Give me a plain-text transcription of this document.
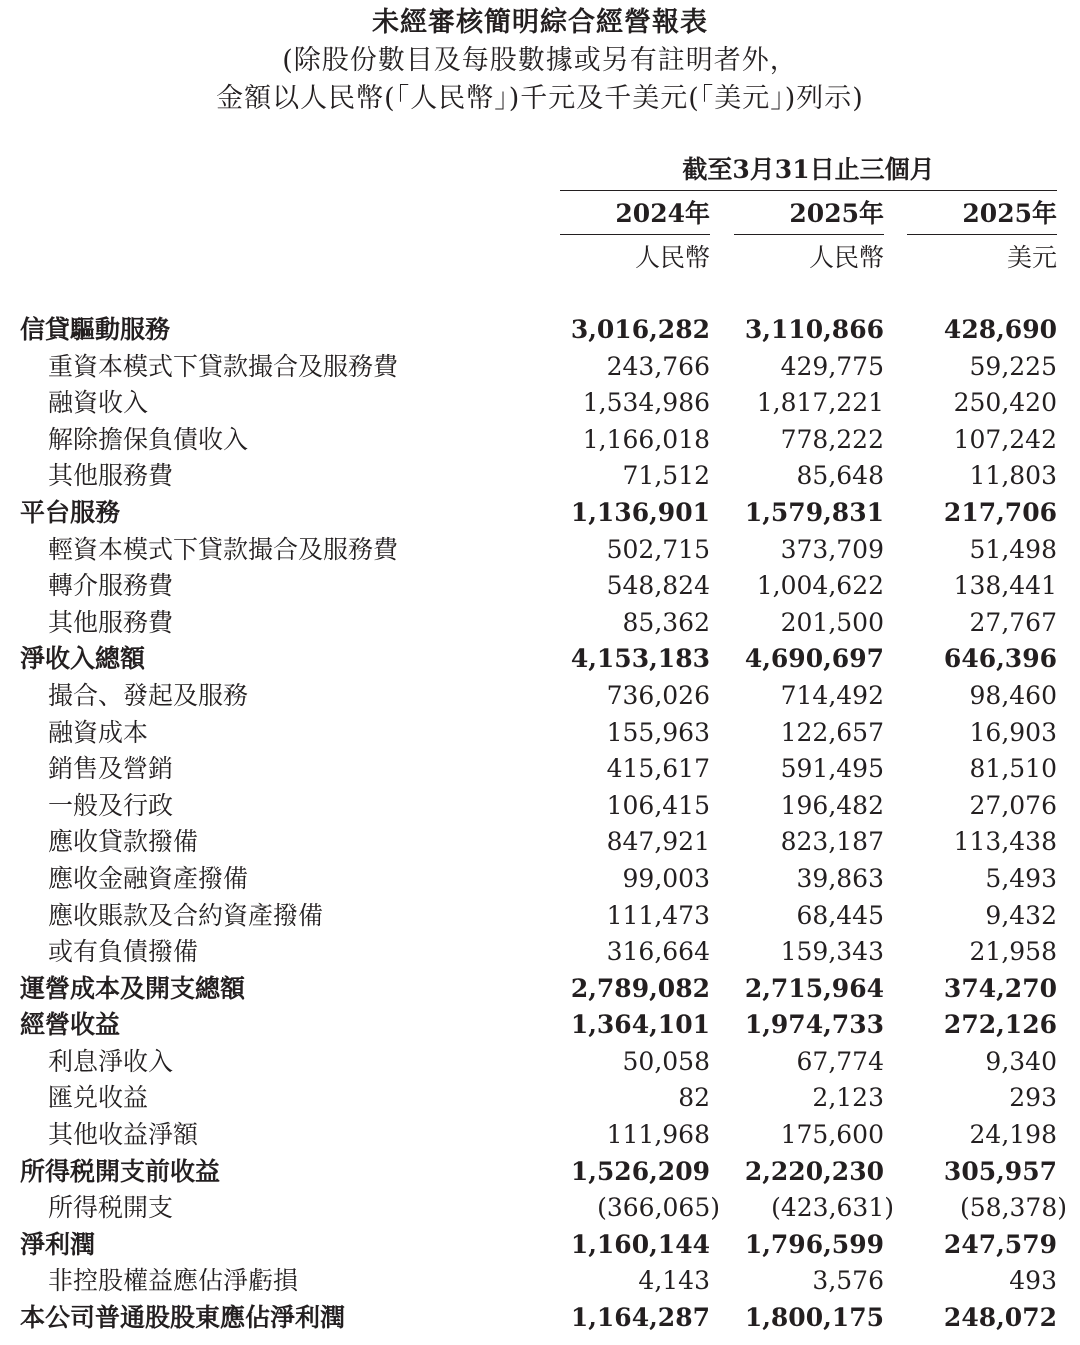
未經審核簡明綜合經營報表
(除股份數目及每股數據或另有註明者外，
金額以人民幣(「人民幣」)千元及千美元(「美元」)列示)
截至3月31日止三個月
2024年	2025年	2025年
人民幣	人民幣	美元
信貸驅動服務	3,016,282 3,110,866 428,690
重資本模式下貸款撮合及服務費	243,766	429,775	59,225
融資收入	1,534,986 1,817,221	250,420
解除擔保負債收入	1,166,018	778,222	107,242
其他服務費	71,512	85,648	11,803
平台服務	1,136,901 1,579,831 217,706
輕資本模式下貸款撮合及服務費	502,715	373,709	51,498
轉介服務費	548,824 1,004,622	138,441
其他服務費	85,362	201,500	27,767
淨收入總額	4,153,183 4,690,697 646,396
撮合、發起及服務	736,026	714,492	98,460
融資成本	155,963	122,657	16,903
銷售及營銷	415,617	591,495	81,510
一般及行政	106,415	196,482	27,076
應收貸款撥備	847,921	823,187	113,438
應收金融資產撥備	99,003	39,863	5,493
應收賬款及合約資產撥備	111,473	68,445	9,432
或有負債撥備	316,664	159,343	21,958
運營成本及開支總額	2,789,082 2,715,964 374,270
經營收益	1,364,101 1,974,733 272,126
利息淨收入	50,058	67,774	9,340
匯兑收益	82	2,123	293
其他收益淨額	111,968	175,600	24,198
所得税開支前收益	1,526,209 2,220,230 305,957
所得税開支	(366,065) (423,631)	(58,378)
淨利潤	1,160,144 1,796,599 247,579
非控股權益應佔淨虧損	4,143	3,576	493
本公司普通股股東應佔淨利潤	1,164,287 1,800,175 248,072
